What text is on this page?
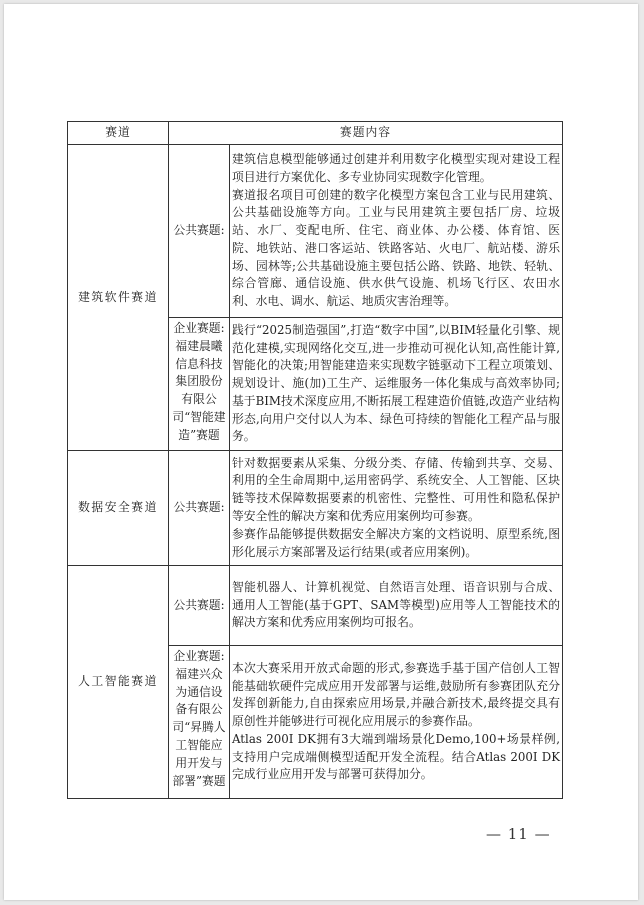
赛道	赛题内容	
建筑软件赛道	公共赛题:	建筑信息模型能够通过创建并利用数字化模型实现对建设工程项目进行方案优化、多专业协同实现数字化管理。

赛道报名项目可创建的数字化模型方案包含工业与民用建筑、公共基础设施等方向。工业与民用建筑主要包括厂房、垃圾站、水厂、变配电所、住宅、商业体、办公楼、体育馆、医院、地铁站、港口客运站、铁路客站、火电厂、航站楼、游乐场、园林等;公共基础设施主要包括公路、铁路、地铁、轻轨、综合管廊、通信设施、供水供气设施、机场飞行区、农田水利、水电、调水、航运、地质灾害治理等。

	企业赛题:福建晨曦信息科技集团股份有限公司“智能建造”赛题	践行“2025制造强国”,打造“数字中国”,以BIM轻量化引擎、规范化建模,实现网络化交互,进一步推动可视化认知,高性能计算,智能化的决策;用智能建造来实现数字链驱动下工程立项策划、规划设计、施(加)工生产、运维服务一体化集成与高效率协同;基于BIM技术深度应用,不断拓展工程建造价值链,改造产业结构形态,向用户交付以人为本、绿色可持续的智能化工程产品与服务。

数据安全赛道	公共赛题:	针对数据要素从采集、分级分类、存储、传输到共享、交易、利用的全生命周期中,运用密码学、系统安全、人工智能、区块链等技术保障数据要素的机密性、完整性、可用性和隐私保护等安全性的解决方案和优秀应用案例均可参赛。

参赛作品能够提供数据安全解决方案的文档说明、原型系统,图形化展示方案部署及运行结果(或者应用案例)。

人工智能赛道	公共赛题:	智能机器人、计算机视觉、自然语言处理、语音识别与合成、通用人工智能(基于GPT、SAM等模型)应用等人工智能技术的解决方案和优秀应用案例均可报名。

	企业赛题:福建兴众为通信设备有限公司“昇腾人工智能应用开发与部署”赛题	本次大赛采用开放式命题的形式,参赛选手基于国产信创人工智能基础软硬件完成应用开发部署与运维,鼓励所有参赛团队充分发挥创新能力,自由探索应用场景,并融合新技术,最终提交具有原创性并能够进行可视化应用展示的参赛作品。

Atlas 200I DK拥有3大端到端场景化Demo,100+场景样例,支持用户完成端侧模型适配开发全流程。结合Atlas 200I DK完成行业应用开发与部署可获得加分。

— 11 —
